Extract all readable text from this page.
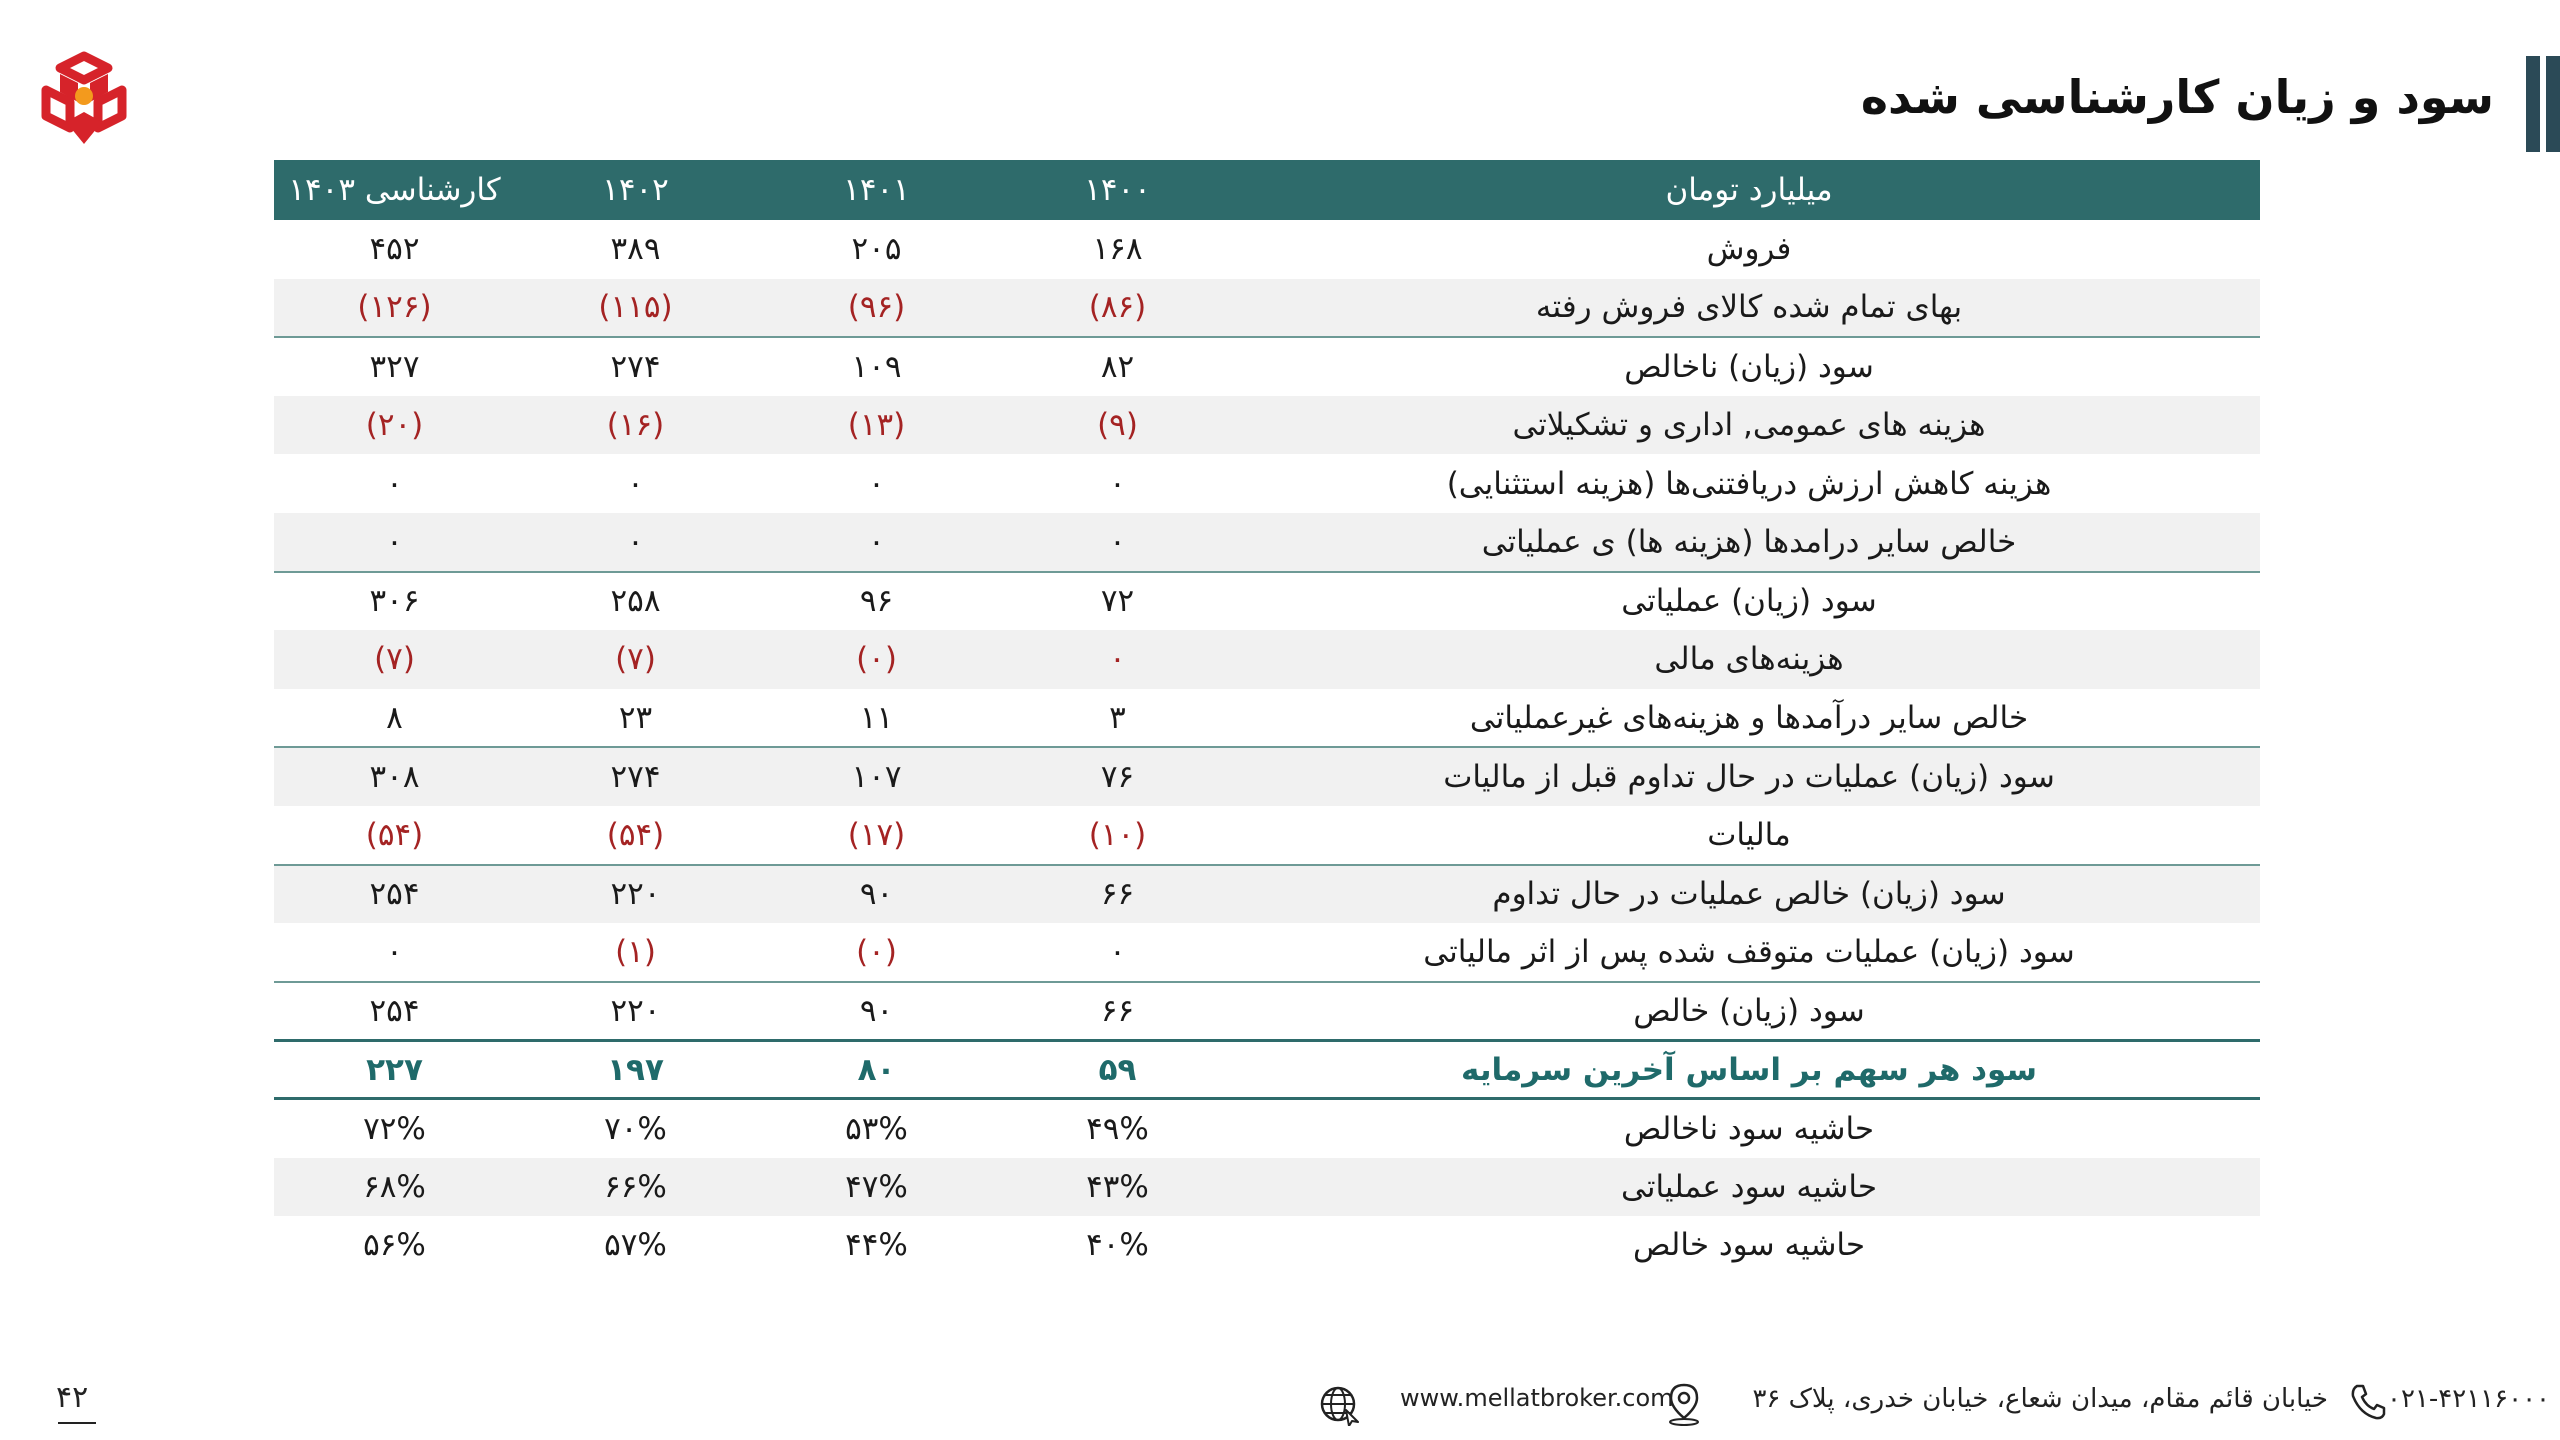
سود و زیان کارشناسی شده
میلیارد تومان	۱۴۰۰	۱۴۰۱	۱۴۰۲	کارشناسی ۱۴۰۳
فروش	۱۶۸	۲۰۵	۳۸۹	۴۵۲
بهای تمام شده کالای فروش رفته	(۸۶)	(۹۶)	(۱۱۵)	(۱۲۶)
سود (زیان) ناخالص	۸۲	۱۰۹	۲۷۴	۳۲۷
هزینه های عمومی, اداری و تشکیلاتی	(۹)	(۱۳)	(۱۶)	(۲۰)
هزینه کاهش ارزش دریافتنی‌ها (هزینه استثنایی)	۰	۰	۰	۰
خالص سایر درامدها (هزینه ها) ی عملیاتی	۰	۰	۰	۰
سود (زیان) عملیاتی	۷۲	۹۶	۲۵۸	۳۰۶
هزینه‌های مالی	۰	(۰)	(۷)	(۷)
خالص سایر درآمدها و هزینه‌های غیرعملیاتی	۳	۱۱	۲۳	۸
سود (زیان) عملیات در حال تداوم قبل از مالیات	۷۶	۱۰۷	۲۷۴	۳۰۸
مالیات	(۱۰)	(۱۷)	(۵۴)	(۵۴)
سود (زیان) خالص عملیات در حال تداوم	۶۶	۹۰	۲۲۰	۲۵۴
سود (زیان) عملیات متوقف شده پس از اثر مالیاتی	۰	(۰)	(۱)	۰
سود (زیان) خالص	۶۶	۹۰	۲۲۰	۲۵۴
سود هر سهم بر اساس آخرین سرمایه	۵۹	۸۰	۱۹۷	۲۲۷
حاشیه سود ناخالص	۴۹%	۵۳%	۷۰%	۷۲%
حاشیه سود عملیاتی	۴۳%	۴۷%	۶۶%	۶۸%
حاشیه سود خالص	۴۰%	۴۴%	۵۷%	۵۶%
۴۲	۰۲۱-۴۲۱۱۶۰۰۰
خیابان قائم مقام، میدان شعاع، خیابان خدری، پلاک ۳۶
www.mellatbroker.com
